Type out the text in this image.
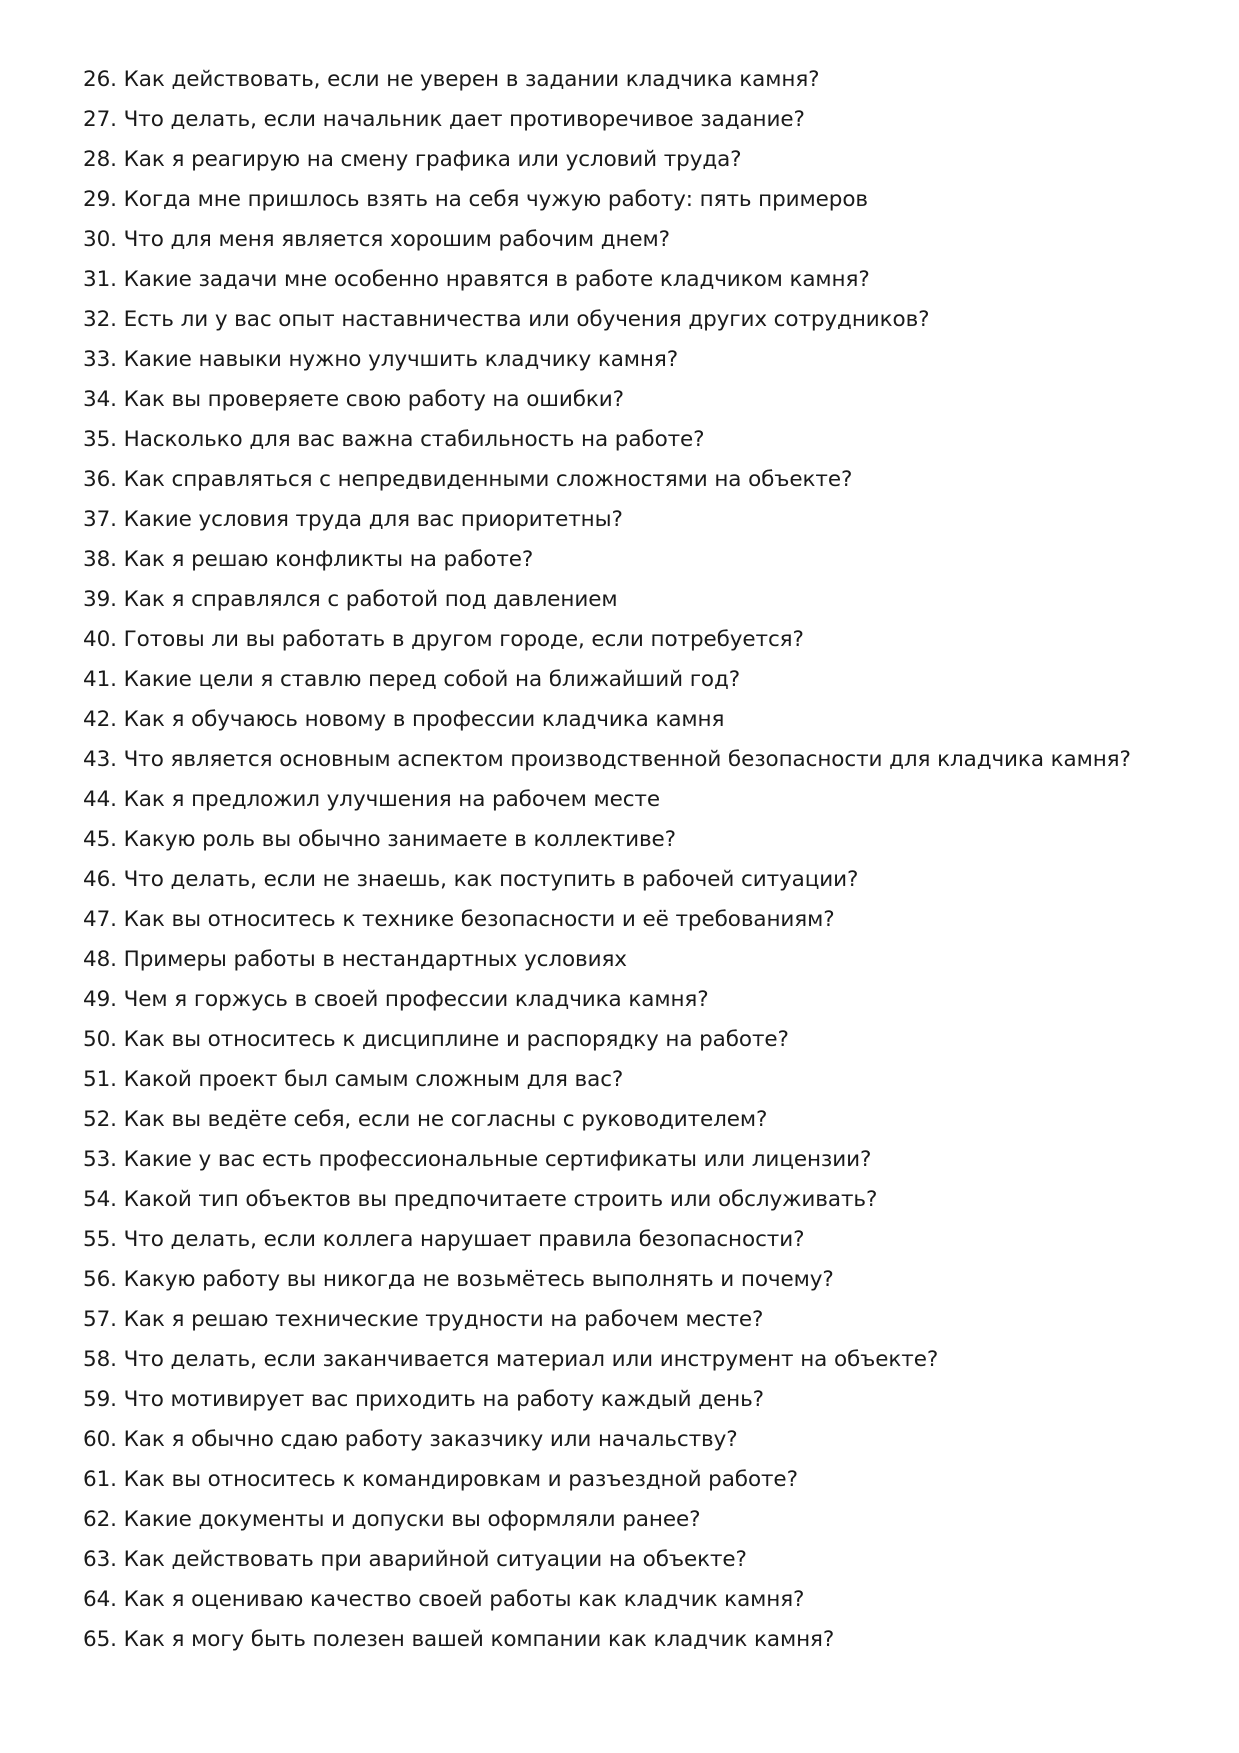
26. Как действовать, если не уверен в задании кладчика камня?
27. Что делать, если начальник дает противоречивое задание?
28. Как я реагирую на смену графика или условий труда?
29. Когда мне пришлось взять на себя чужую работу: пять примеров
30. Что для меня является хорошим рабочим днем?
31. Какие задачи мне особенно нравятся в работе кладчиком камня?
32. Есть ли у вас опыт наставничества или обучения других сотрудников?
33. Какие навыки нужно улучшить кладчику камня?
34. Как вы проверяете свою работу на ошибки?
35. Насколько для вас важна стабильность на работе?
36. Как справляться с непредвиденными сложностями на объекте?
37. Какие условия труда для вас приоритетны?
38. Как я решаю конфликты на работе?
39. Как я справлялся с работой под давлением
40. Готовы ли вы работать в другом городе, если потребуется?
41. Какие цели я ставлю перед собой на ближайший год?
42. Как я обучаюсь новому в профессии кладчика камня
43. Что является основным аспектом производственной безопасности для кладчика камня?
44. Как я предложил улучшения на рабочем месте
45. Какую роль вы обычно занимаете в коллективе?
46. Что делать, если не знаешь, как поступить в рабочей ситуации?
47. Как вы относитесь к технике безопасности и её требованиям?
48. Примеры работы в нестандартных условиях
49. Чем я горжусь в своей профессии кладчика камня?
50. Как вы относитесь к дисциплине и распорядку на работе?
51. Какой проект был самым сложным для вас?
52. Как вы ведёте себя, если не согласны с руководителем?
53. Какие у вас есть профессиональные сертификаты или лицензии?
54. Какой тип объектов вы предпочитаете строить или обслуживать?
55. Что делать, если коллега нарушает правила безопасности?
56. Какую работу вы никогда не возьмётесь выполнять и почему?
57. Как я решаю технические трудности на рабочем месте?
58. Что делать, если заканчивается материал или инструмент на объекте?
59. Что мотивирует вас приходить на работу каждый день?
60. Как я обычно сдаю работу заказчику или начальству?
61. Как вы относитесь к командировкам и разъездной работе?
62. Какие документы и допуски вы оформляли ранее?
63. Как действовать при аварийной ситуации на объекте?
64. Как я оцениваю качество своей работы как кладчик камня?
65. Как я могу быть полезен вашей компании как кладчик камня?
